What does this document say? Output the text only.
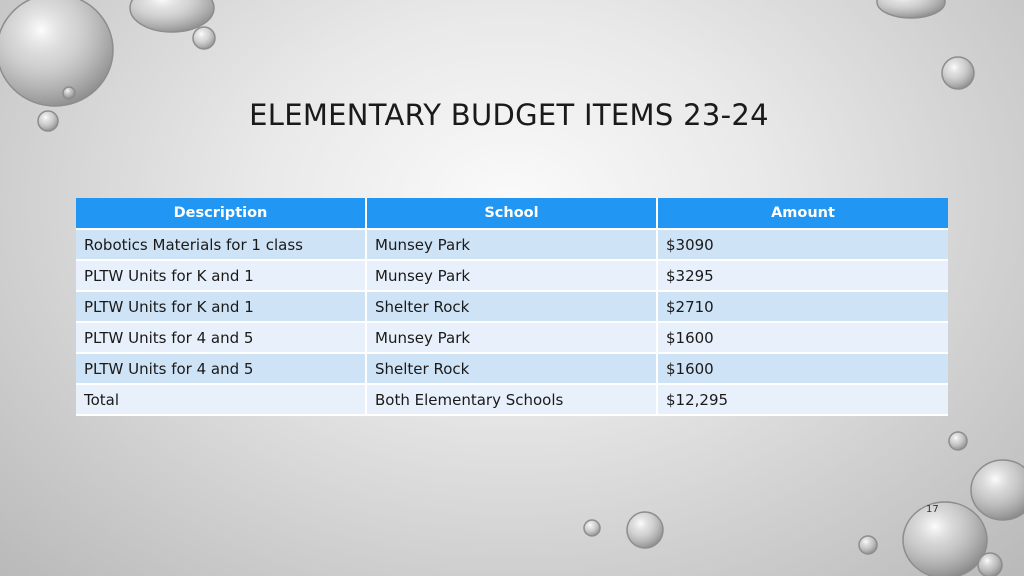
ELEMENTARY BUDGET ITEMS 23-24
Description	School	Amount
Robotics Materials for 1 class	Munsey Park	$3090
PLTW Units for K and 1	Munsey Park	$3295
PLTW Units for K and 1	Shelter Rock	$2710
PLTW Units for 4 and 5	Munsey Park	$1600
PLTW Units for 4 and 5	Shelter Rock	$1600
Total	Both Elementary Schools	$12,295
17
